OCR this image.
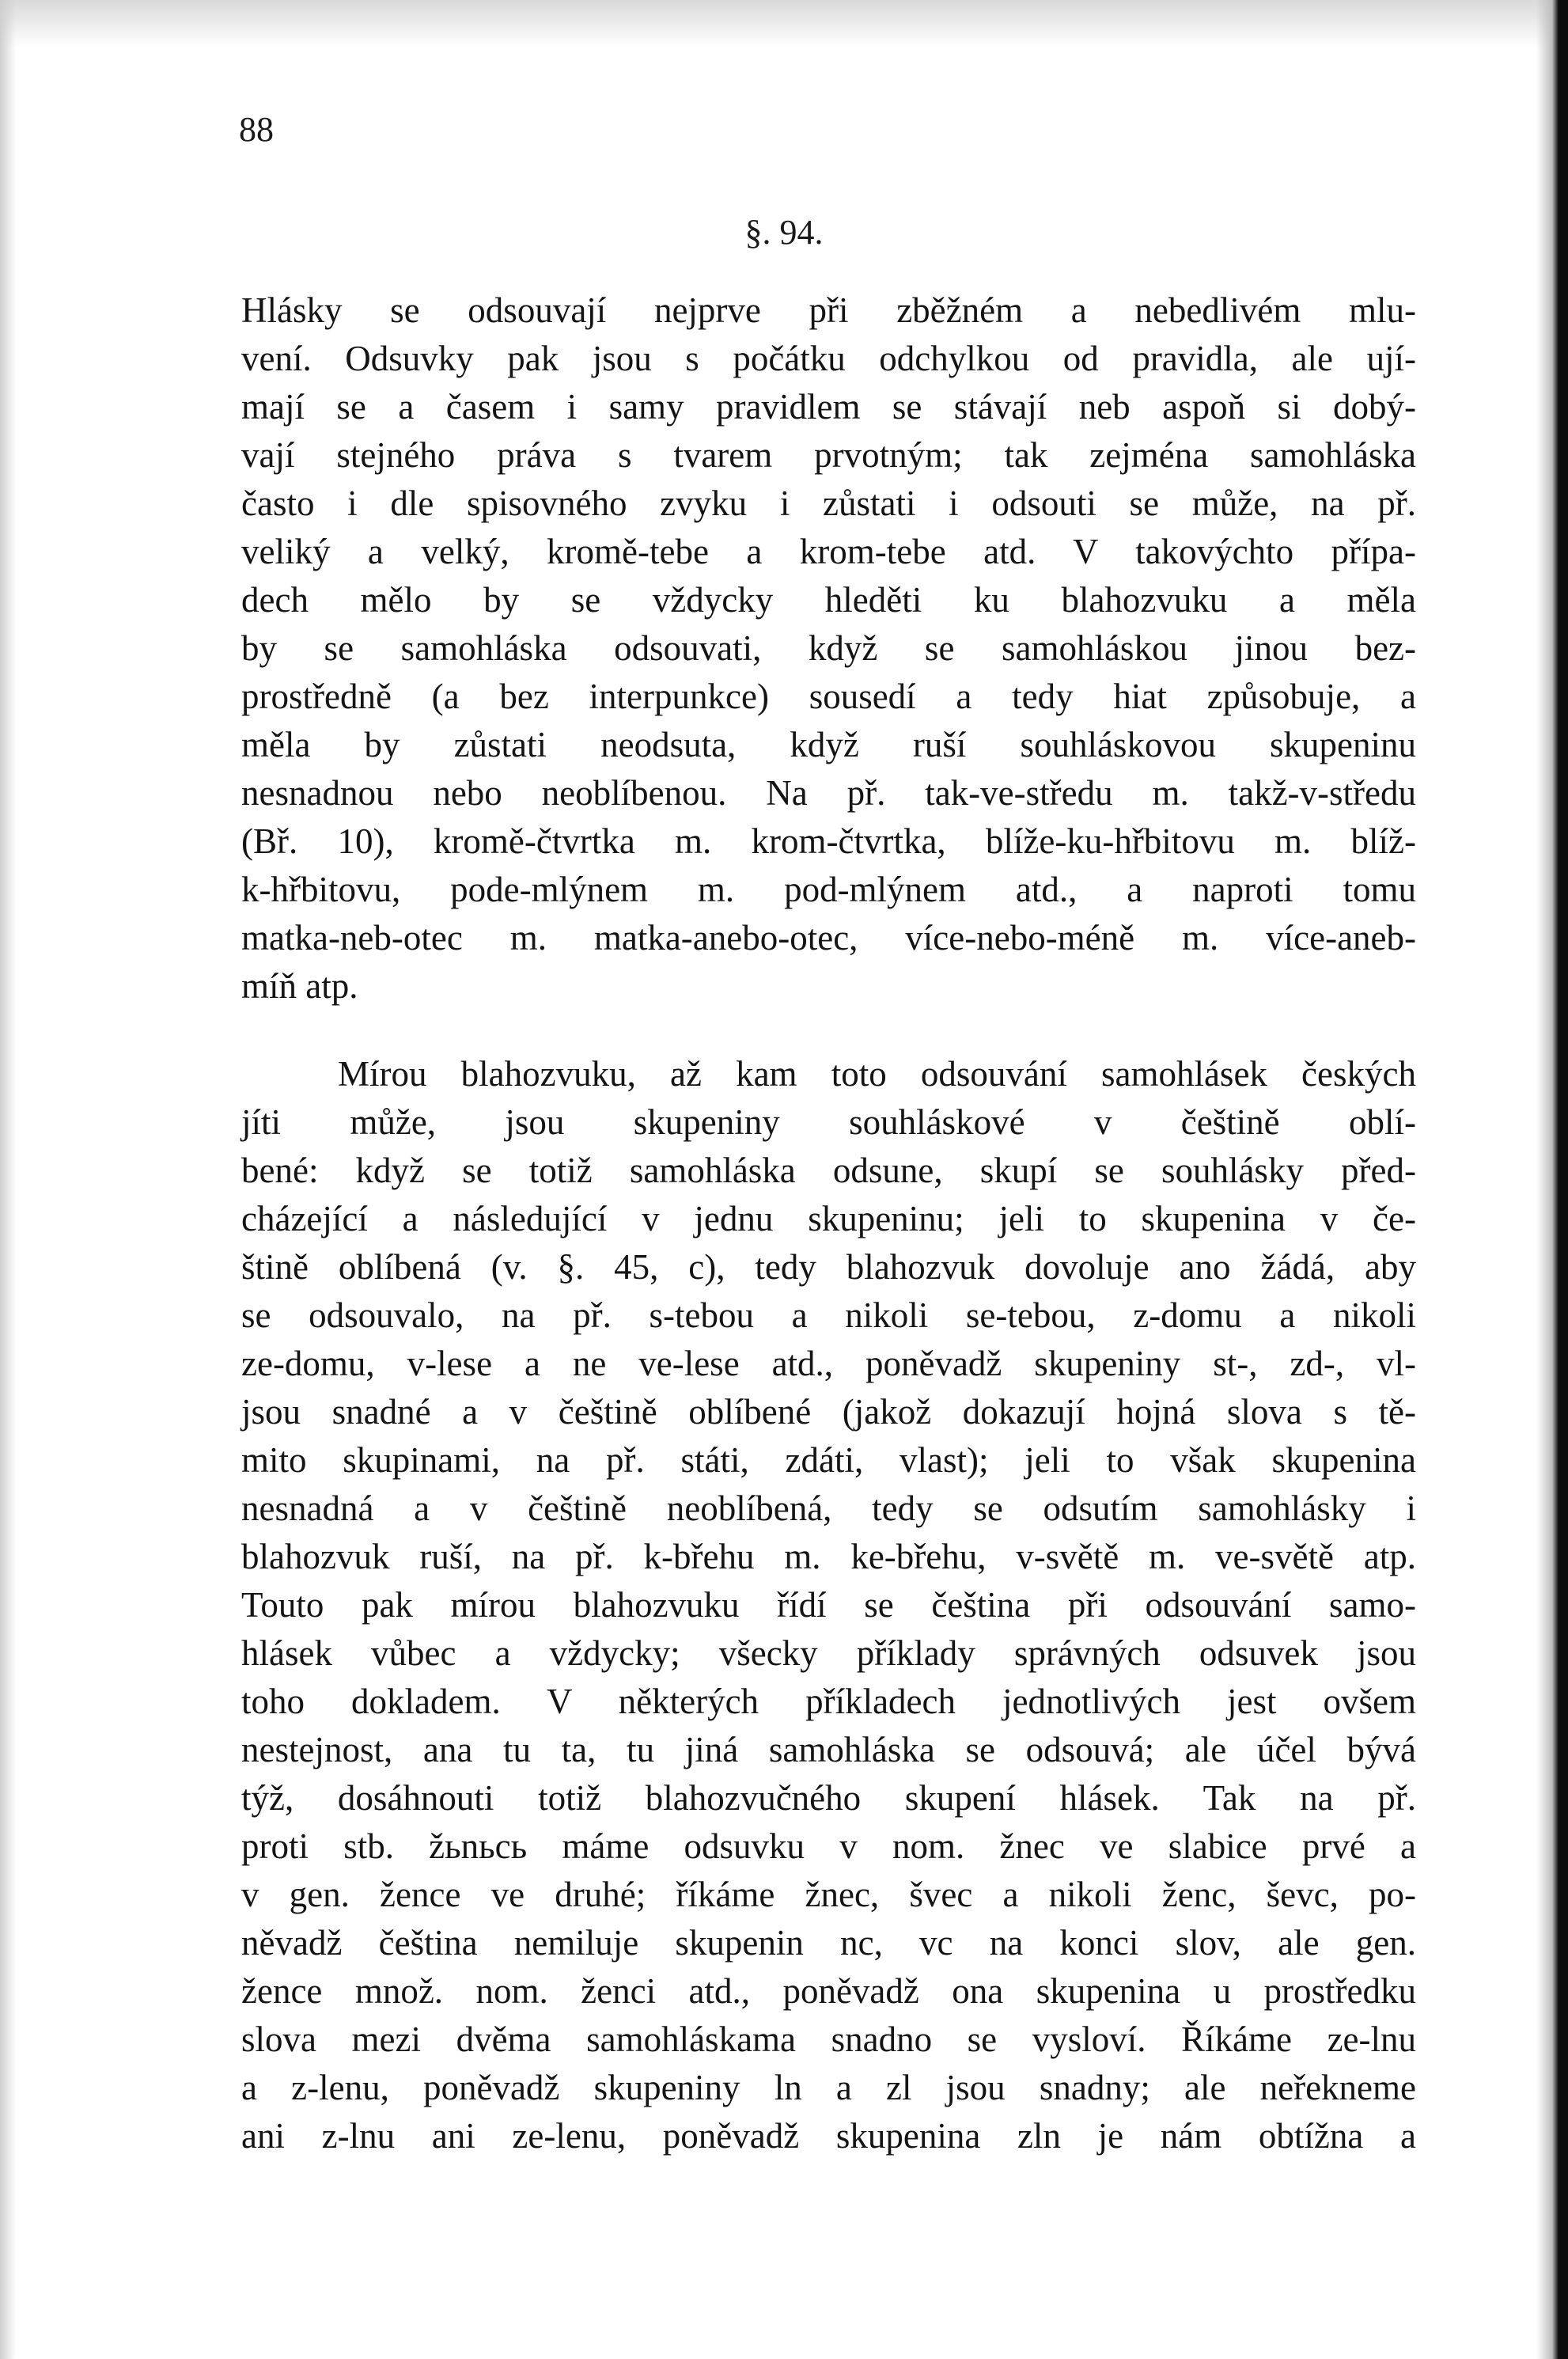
88
§. 94.
Hlásky se odsouvají nejprve při zběžném a nebedlivém mlu-
vení. Odsuvky pak jsou s počátku odchylkou od pravidla, ale ují-
mají se a časem i samy pravidlem se stávají neb aspoň si dobý-
vají stejného práva s tvarem prvotným; tak zejména samohláska
často i dle spisovného zvyku i zůstati i odsouti se může, na př.
veliký a velký, kromě-tebe a krom-tebe atd. V takovýchto přípa-
dech mělo by se vždycky hleděti ku blahozvuku a měla
by se samohláska odsouvati, když se samohláskou jinou bez-
prostředně (a bez interpunkce) sousedí a tedy hiat způsobuje, a
měla by zůstati neodsuta, když ruší souhláskovou skupeninu
nesnadnou nebo neoblíbenou. Na př. tak-ve-středu m. takž-v-středu
(Bř. 10), kromě-čtvrtka m. krom-čtvrtka, blíže-ku-hřbitovu m. blíž-
k-hřbitovu, pode-mlýnem m. pod-mlýnem atd., a naproti tomu
matka-neb-otec m. matka-anebo-otec, více-nebo-méně m. více-aneb-
míň atp.
Mírou blahozvuku, až kam toto odsouvání samohlásek českých
jíti může, jsou skupeniny souhláskové v češtině oblí-
bené: když se totiž samohláska odsune, skupí se souhlásky před-
cházející a následující v jednu skupeninu; jeli to skupenina v če-
štině oblíbená (v. §. 45, c), tedy blahozvuk dovoluje ano žádá, aby
se odsouvalo, na př. s-tebou a nikoli se-tebou, z-domu a nikoli
ze-domu, v-lese a ne ve-lese atd., poněvadž skupeniny st-, zd-, vl-
jsou snadné a v češtině oblíbené (jakož dokazují hojná slova s tě-
mito skupinami, na př. státi, zdáti, vlast); jeli to však skupenina
nesnadná a v češtině neoblíbená, tedy se odsutím samohlásky i
blahozvuk ruší, na př. k-břehu m. ke-břehu, v-světě m. ve-světě atp.
Touto pak mírou blahozvuku řídí se čeština při odsouvání samo-
hlásek vůbec a vždycky; všecky příklady správných odsuvek jsou
toho dokladem. V některých příkladech jednotlivých jest ovšem
nestejnost, ana tu ta, tu jiná samohláska se odsouvá; ale účel bývá
týž, dosáhnouti totiž blahozvučného skupení hlásek. Tak na př.
proti stb. žьnьcь máme odsuvku v nom. žnec ve slabice prvé a
v gen. žence ve druhé; říkáme žnec, švec a nikoli ženc, ševc, po-
něvadž čeština nemiluje skupenin nc, vc na konci slov, ale gen.
žence množ. nom. ženci atd., poněvadž ona skupenina u prostředku
slova mezi dvěma samohláskama snadno se vysloví. Říkáme ze-lnu
a z-lenu, poněvadž skupeniny ln a zl jsou snadny; ale neřekneme
ani z-lnu ani ze-lenu, poněvadž skupenina zln je nám obtížna a
